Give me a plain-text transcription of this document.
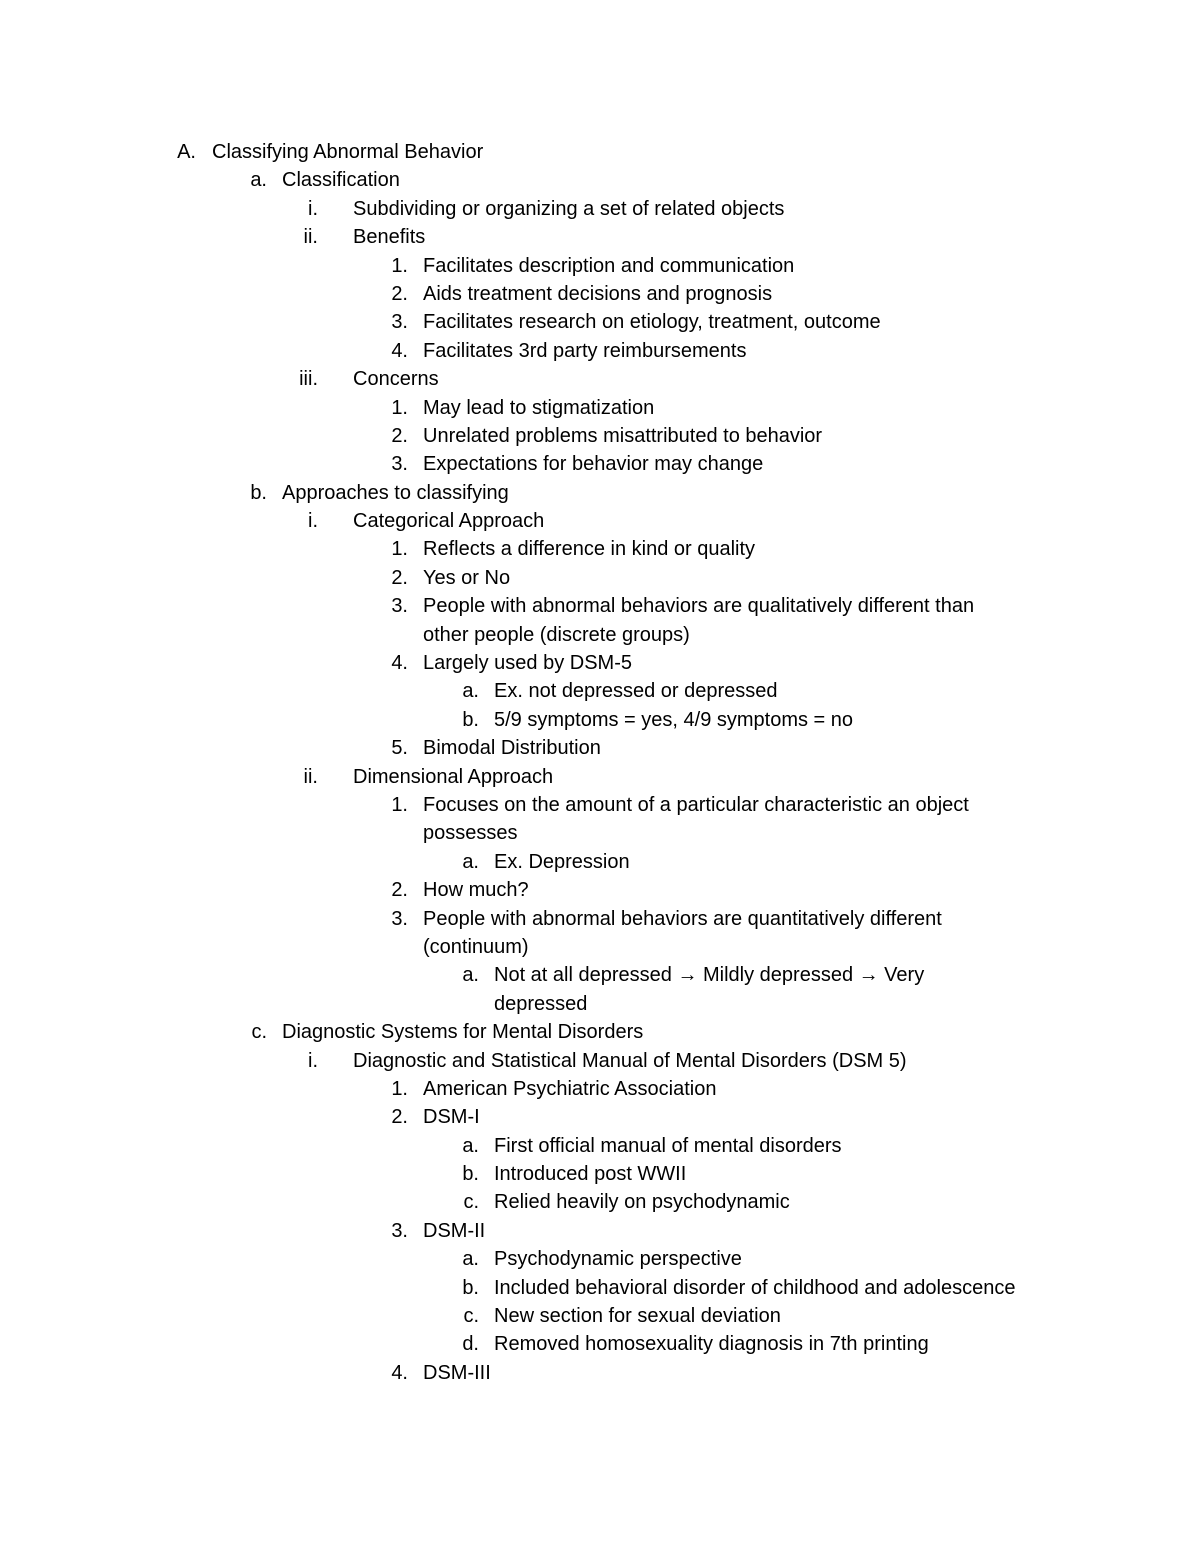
A. Classifying Abnormal Behavior
a. Classification
i. Subdividing or organizing a set of related objects
ii. Benefits
1. Facilitates description and communication
2. Aids treatment decisions and prognosis
3. Facilitates research on etiology, treatment, outcome
4. Facilitates 3rd party reimbursements
iii. Concerns
1. May lead to stigmatization
2. Unrelated problems misattributed to behavior
3. Expectations for behavior may change
b. Approaches to classifying
i. Categorical Approach
1. Reflects a difference in kind or quality
2. Yes or No
3. People with abnormal behaviors are qualitatively different than
other people (discrete groups)
4. Largely used by DSM-5
a. Ex. not depressed or depressed
b. 5/9 symptoms = yes, 4/9 symptoms = no
5. Bimodal Distribution
ii. Dimensional Approach
1. Focuses on the amount of a particular characteristic an object
possesses
a. Ex. Depression
2. How much?
3. People with abnormal behaviors are quantitatively different
(continuum)
a. Not at all depressed → Mildly depressed → Very
depressed
c. Diagnostic Systems for Mental Disorders
i. Diagnostic and Statistical Manual of Mental Disorders (DSM 5)
1. American Psychiatric Association
2. DSM-I
a. First official manual of mental disorders
b. Introduced post WWII
c. Relied heavily on psychodynamic
3. DSM-II
a. Psychodynamic perspective
b. Included behavioral disorder of childhood and adolescence
c. New section for sexual deviation
d. Removed homosexuality diagnosis in 7th printing
4. DSM-III
